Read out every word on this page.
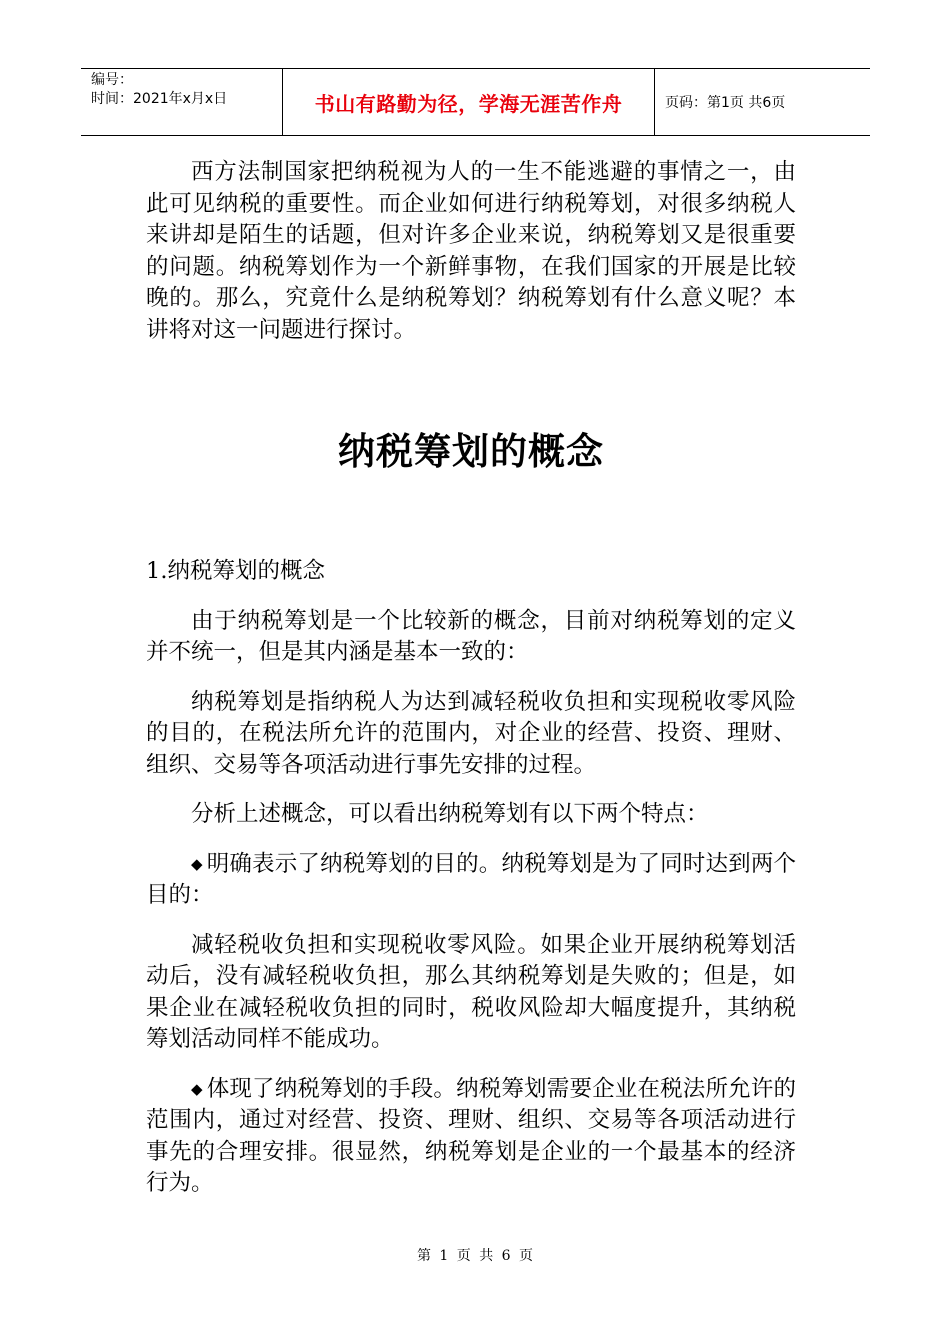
编号：
时间：2021年x月x日	书山有路勤为径，学海无涯苦作舟	页码：第1页 共6页

西方法制国家把纳税视为人的一生不能逃避的事情之一，由此可见纳税的重要性。而企业如何进行纳税筹划，对很多纳税人来讲却是陌生的话题，但对许多企业来说，纳税筹划又是很重要的问题。纳税筹划作为一个新鲜事物，在我们国家的开展是比较晚的。那么，究竟什么是纳税筹划？纳税筹划有什么意义呢？本讲将对这一问题进行探讨。

纳税筹划的概念

1.纳税筹划的概念

由于纳税筹划是一个比较新的概念，目前对纳税筹划的定义并不统一，但是其内涵是基本一致的：

纳税筹划是指纳税人为达到减轻税收负担和实现税收零风险的目的，在税法所允许的范围内，对企业的经营、投资、理财、组织、交易等各项活动进行事先安排的过程。

分析上述概念，可以看出纳税筹划有以下两个特点：

◆ 明确表示了纳税筹划的目的。纳税筹划是为了同时达到两个目的：

减轻税收负担和实现税收零风险。如果企业开展纳税筹划活动后，没有减轻税收负担，那么其纳税筹划是失败的；但是，如果企业在减轻税收负担的同时，税收风险却大幅度提升，其纳税筹划活动同样不能成功。

◆ 体现了纳税筹划的手段。纳税筹划需要企业在税法所允许的范围内，通过对经营、投资、理财、组织、交易等各项活动进行事先的合理安排。很显然，纳税筹划是企业的一个最基本的经济行为。

第 1 页 共 6 页
